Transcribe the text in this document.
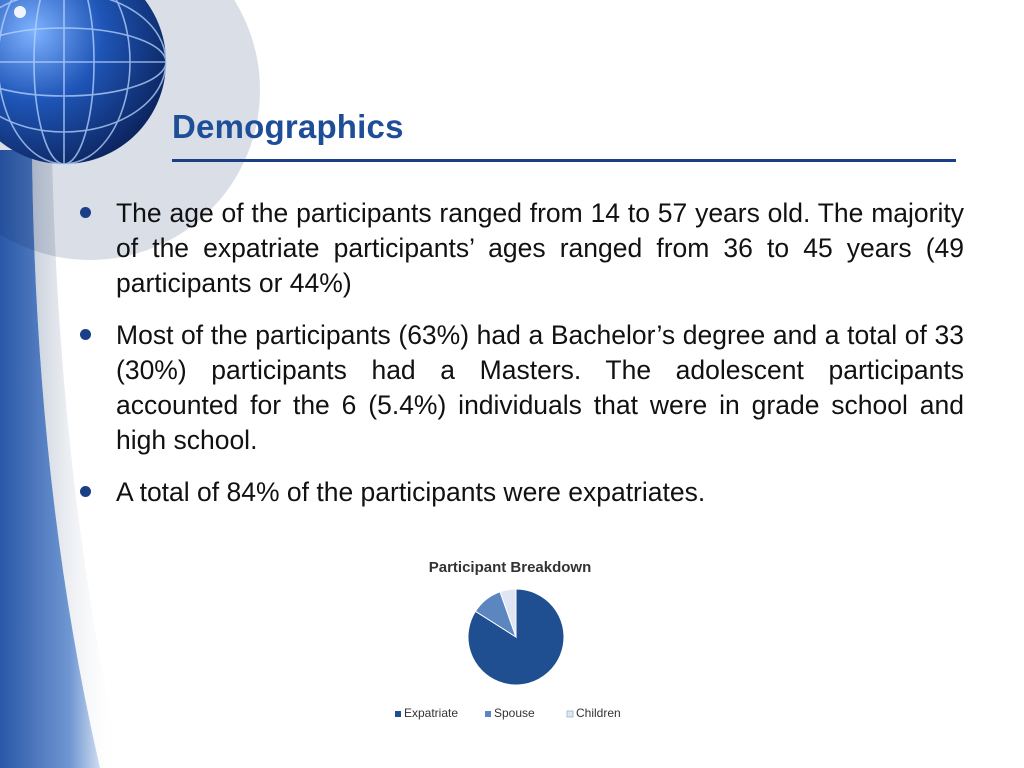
Demographics
The age of the participants ranged from 14 to 57 years old. The majority of the expatriate participants’ ages ranged from 36 to 45 years (49 participants or 44%)
Most of the participants (63%) had a Bachelor’s degree and a total of 33 (30%) participants had a Masters. The adolescent participants accounted for the 6 (5.4%) individuals that were in grade school and high school.
A total of 84% of the participants were expatriates.
Participant Breakdown
Expatriate	Spouse	Children
